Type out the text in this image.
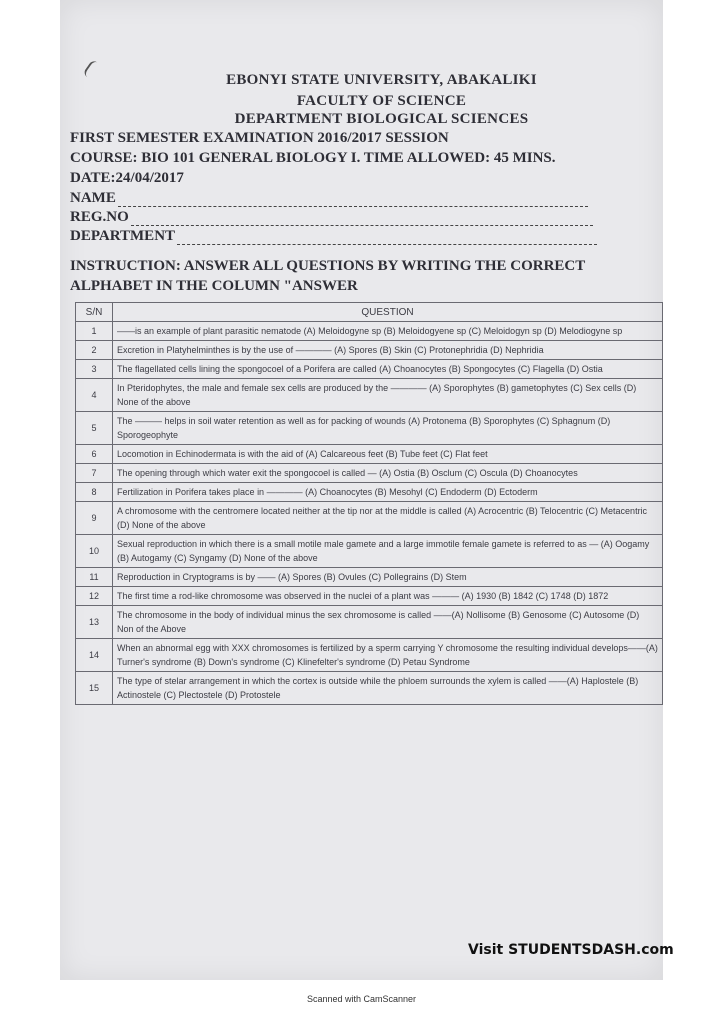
EBONYI STATE UNIVERSITY, ABAKALIKI
FACULTY OF SCIENCE
DEPARTMENT BIOLOGICAL SCIENCES
FIRST SEMESTER EXAMINATION 2016/2017 SESSION
COURSE: BIO 101 GENERAL BIOLOGY I. TIME ALLOWED: 45 MINS.
DATE:24/04/2017
NAME
REG.NO
DEPARTMENT
INSTRUCTION: ANSWER ALL QUESTIONS BY WRITING THE CORRECT ALPHABET IN THE COLUMN "ANSWER
S/N	QUESTION
1	——is an example of plant parasitic nematode (A) Meloidogyne sp (B) Meloidogyene sp (C) Meloidogyn sp (D) Melodiogyne sp
2	Excretion in Platyhelminthes is by the use of ———— (A) Spores (B) Skin (C) Protonephridia (D) Nephridia
3	The flagellated cells lining the spongocoel of a Porifera are called (A) Choanocytes (B) Spongocytes (C) Flagella (D) Ostia
4	In Pteridophytes, the male and female sex cells are produced by the ———— (A) Sporophytes (B) gametophytes (C) Sex cells (D) None of the above
5	The ——— helps in soil water retention as well as for packing of wounds (A) Protonema (B) Sporophytes (C) Sphagnum (D) Sporogeophyte
6	Locomotion in Echinodermata is with the aid of (A) Calcareous feet (B) Tube feet (C) Flat feet
7	The opening through which water exit the spongocoel is called — (A) Ostia (B) Osclum (C) Oscula (D) Choanocytes
8	Fertilization in Porifera takes place in ———— (A) Choanocytes (B) Mesohyl (C) Endoderm (D) Ectoderm
9	A chromosome with the centromere located neither at the tip nor at the middle is called (A) Acrocentric (B) Telocentric (C) Metacentric (D) None of the above
10	Sexual reproduction in which there is a small motile male gamete and a large immotile female gamete is referred to as — (A) Oogamy (B) Autogamy (C) Syngamy (D) None of the above
11	Reproduction in Cryptograms is by —— (A) Spores (B) Ovules (C) Pollegrains (D) Stem
12	The first time a rod-like chromosome was observed in the nuclei of a plant was ——— (A) 1930 (B) 1842 (C) 1748 (D) 1872
13	The chromosome in the body of individual minus the sex chromosome is called ——(A) Nollisome (B) Genosome (C) Autosome (D) Non of the Above
14	When an abnormal egg with XXX chromosomes is fertilized by a sperm carrying Y chromosome the resulting individual develops——(A) Turner's syndrome (B) Down's syndrome (C) Klinefelter's syndrome (D) Petau Syndrome
15	The type of stelar arrangement in which the cortex is outside while the phloem surrounds the xylem is called ——(A) Haplostele (B) Actinostele (C) Plectostele (D) Protostele
Visit STUDENTSDASH.com
Scanned with CamScanner
